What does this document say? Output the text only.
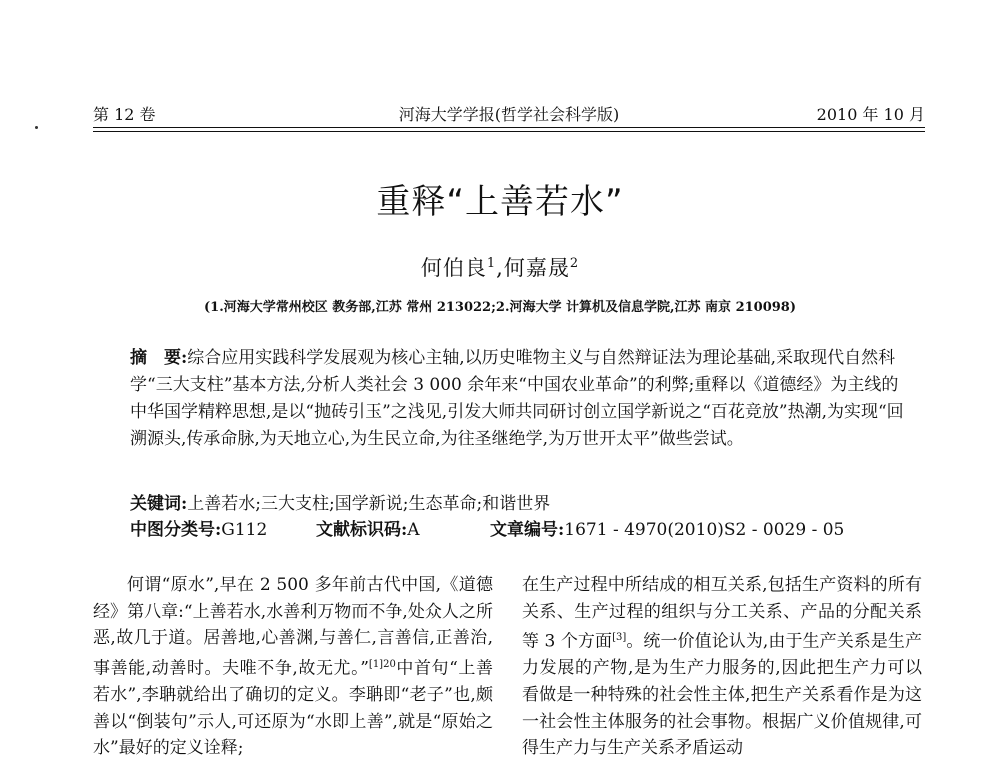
第 12 卷	河海大学学报(哲学社会科学版)	2010 年 10 月
重释“上善若水”
何伯良$^1$,何嘉晟$^2$
(1.河海大学常州校区 教务部,江苏 常州 213022;2.河海大学 计算机及信息学院,江苏 南京 210098)
摘　要:综合应用实践科学发展观为核心主轴,以历史唯物主义与自然辩证法为理论基础,采取现代自然科学“三大支柱”基本方法,分析人类社会 3 000 余年来“中国农业革命”的利弊;重释以《道德经》为主线的中华国学精粹思想,是以“抛砖引玉”之浅见,引发大师共同研讨创立国学新说之“百花竞放”热潮,为实现“回溯源头,传承命脉,为天地立心,为生民立命,为往圣继绝学,为万世开太平”做些尝试。
关键词:上善若水;三大支柱;国学新说;生态革命;和谐世界
中图分类号:G112	文献标识码:A	文章编号:1671 - 4970(2010)S2 - 0029 - 05
何谓“原水”,早在 2 500 多年前古代中国,《道德经》第八章:“上善若水,水善利万物而不争,处众人之所恶,故几于道。居善地,心善渊,与善仁,言善信,正善治,事善能,动善时。夫唯不争,故无尤。”$^{[1]20}$中首句“上善若水”,李聃就给出了确切的定义。李聃即“老子”也,颇善以“倒装句”示人,可还原为“水即上善”,就是“原始之水”最好的定义诠释;
在生产过程中所结成的相互关系,包括生产资料的所有关系、生产过程的组织与分工关系、产品的分配关系等 3 个方面[3]。统一价值论认为,由于生产关系是生产力发展的产物,是为生产力服务的,因此把生产力可以看做是一种特殊的社会性主体,把生产关系看作是为这一社会性主体服务的社会事物。根据广义价值规律,可得生产力与生产关系矛盾运动
